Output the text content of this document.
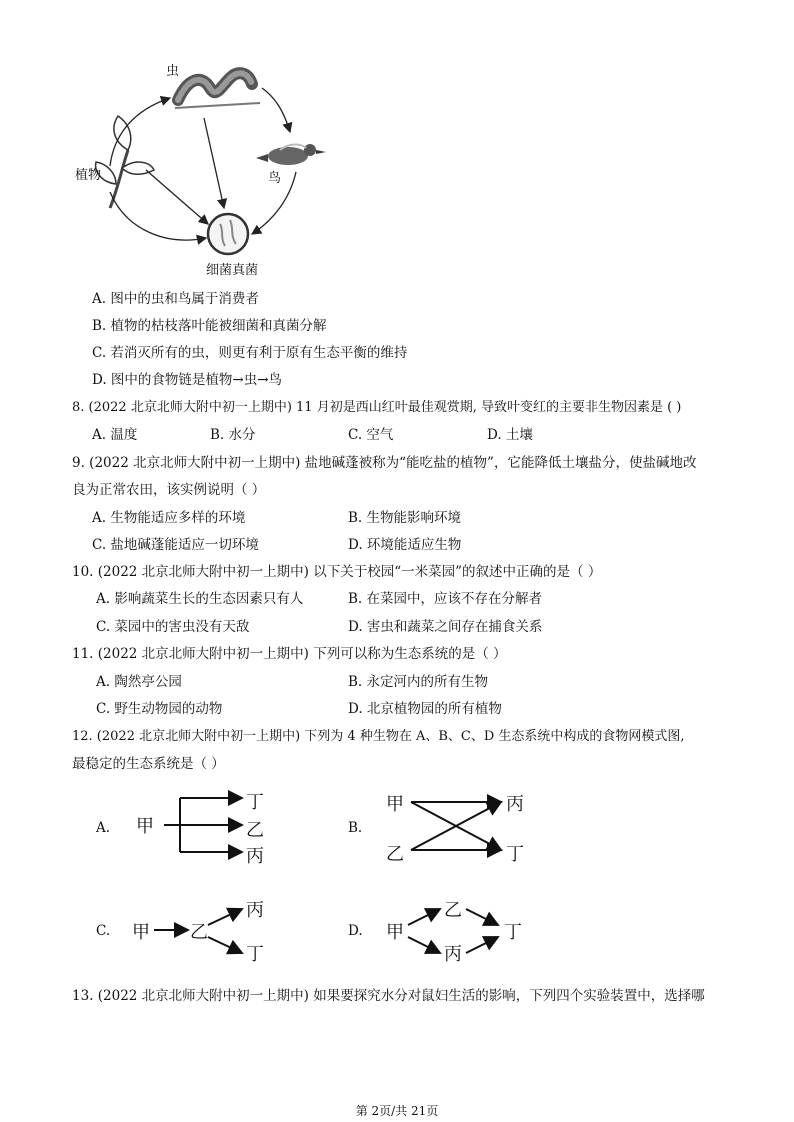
虫
鸟
植物
细菌真菌
A. 图中的虫和鸟属于消费者
B. 植物的枯枝落叶能被细菌和真菌分解
C. 若消灭所有的虫，则更有利于原有生态平衡的维持
D. 图中的食物链是植物→虫→鸟
8. (2022 北京北师大附中初一上期中) 11 月初是西山红叶最佳观赏期, 导致叶变红的主要非生物因素是 ( )
A. 温度	B. 水分	C. 空气	D. 土壤
9. (2022 北京北师大附中初一上期中) 盐地碱蓬被称为“能吃盐的植物”，它能降低土壤盐分，使盐碱地改
良为正常农田，该实例说明（ ）
A. 生物能适应多样的环境	B. 生物能影响环境
C. 盐地碱蓬能适应一切环境	D. 环境能适应生物
10. (2022 北京北师大附中初一上期中) 以下关于校园“一米菜园”的叙述中正确的是（ ）
A. 影响蔬菜生长的生态因素只有人	B. 在菜园中，应该不存在分解者
C. 菜园中的害虫没有天敌	D. 害虫和蔬菜之间存在捕食关系
11. (2022 北京北师大附中初一上期中) 下列可以称为生态系统的是（ ）
A. 陶然亭公园	B. 永定河内的所有生物
C. 野生动物园的动物	D. 北京植物园的所有植物
12. (2022 北京北师大附中初一上期中) 下列为 4 种生物在 A、B、C、D 生态系统中构成的食物网模式图,
最稳定的生态系统是（ ）
A. 甲
丁
乙
丙
B.
甲
乙
丙
丁
C. 甲 乙
丙
丁
D. 甲
乙
丙
丁
13. (2022 北京北师大附中初一上期中) 如果要探究水分对鼠妇生活的影响，下列四个实验装置中，选择哪
第 2页/共 21页
